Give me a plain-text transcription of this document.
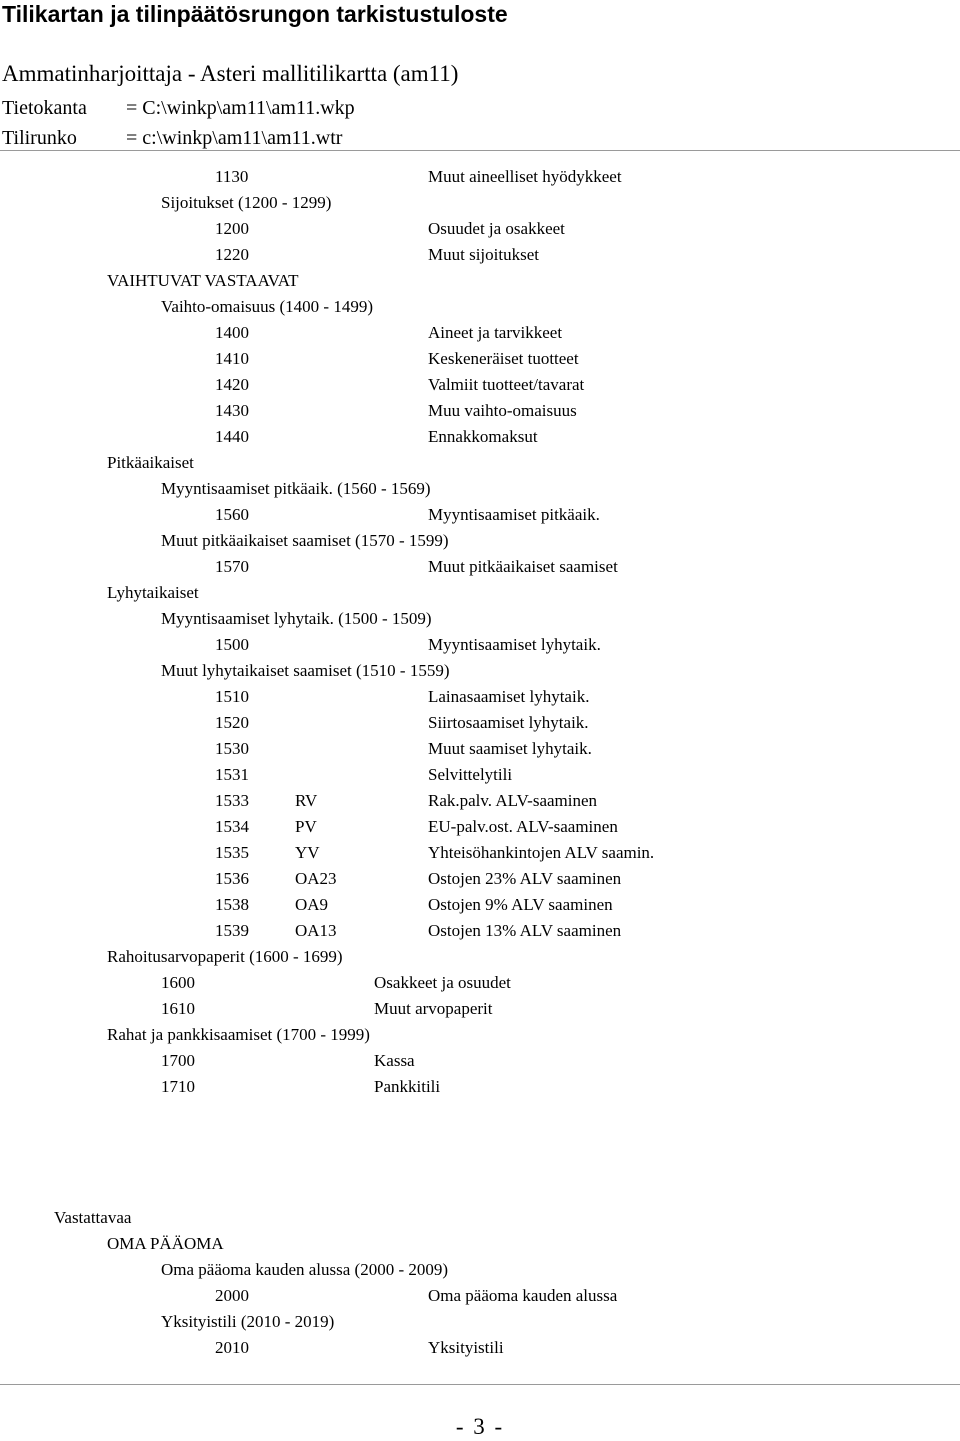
Tilikartan ja tilinpäätösrungon tarkistustuloste
Ammatinharjoittaja - Asteri mallitilikartta (am11)
Tietokanta = C:\winkp\am11\am11.wkp
Tilirunko = c:\winkp\am11\am11.wtr
1130	Muut aineelliset hyödykkeet
Sijoitukset (1200 - 1299)
1200	Osuudet ja osakkeet
1220	Muut sijoitukset
VAIHTUVAT VASTAAVAT
Vaihto-omaisuus (1400 - 1499)
1400	Aineet ja tarvikkeet
1410	Keskeneräiset tuotteet
1420	Valmiit tuotteet/tavarat
1430	Muu vaihto-omaisuus
1440	Ennakkomaksut
Pitkäaikaiset
Myyntisaamiset pitkäaik. (1560 - 1569)
1560	Myyntisaamiset pitkäaik.
Muut pitkäaikaiset saamiset (1570 - 1599)
1570	Muut pitkäaikaiset saamiset
Lyhytaikaiset
Myyntisaamiset lyhytaik. (1500 - 1509)
1500	Myyntisaamiset lyhytaik.
Muut lyhytaikaiset saamiset (1510 - 1559)
1510	Lainasaamiset lyhytaik.
1520	Siirtosaamiset lyhytaik.
1530	Muut saamiset lyhytaik.
1531	Selvittelytili
1533	RV	Rak.palv. ALV-saaminen
1534	PV	EU-palv.ost. ALV-saaminen
1535	YV	Yhteisöhankintojen ALV saamin.
1536	OA23	Ostojen 23% ALV saaminen
1538	OA9	Ostojen 9% ALV saaminen
1539	OA13	Ostojen 13% ALV saaminen
Rahoitusarvopaperit (1600 - 1699)
1600	Osakkeet ja osuudet
1610	Muut arvopaperit
Rahat ja pankkisaamiset (1700 - 1999)
1700	Kassa
1710	Pankkitili
Vastattavaa
OMA PÄÄOMA
Oma pääoma kauden alussa (2000 - 2009)
2000	Oma pääoma kauden alussa
Yksityistili (2010 - 2019)
2010	Yksityistili
- 3 -
